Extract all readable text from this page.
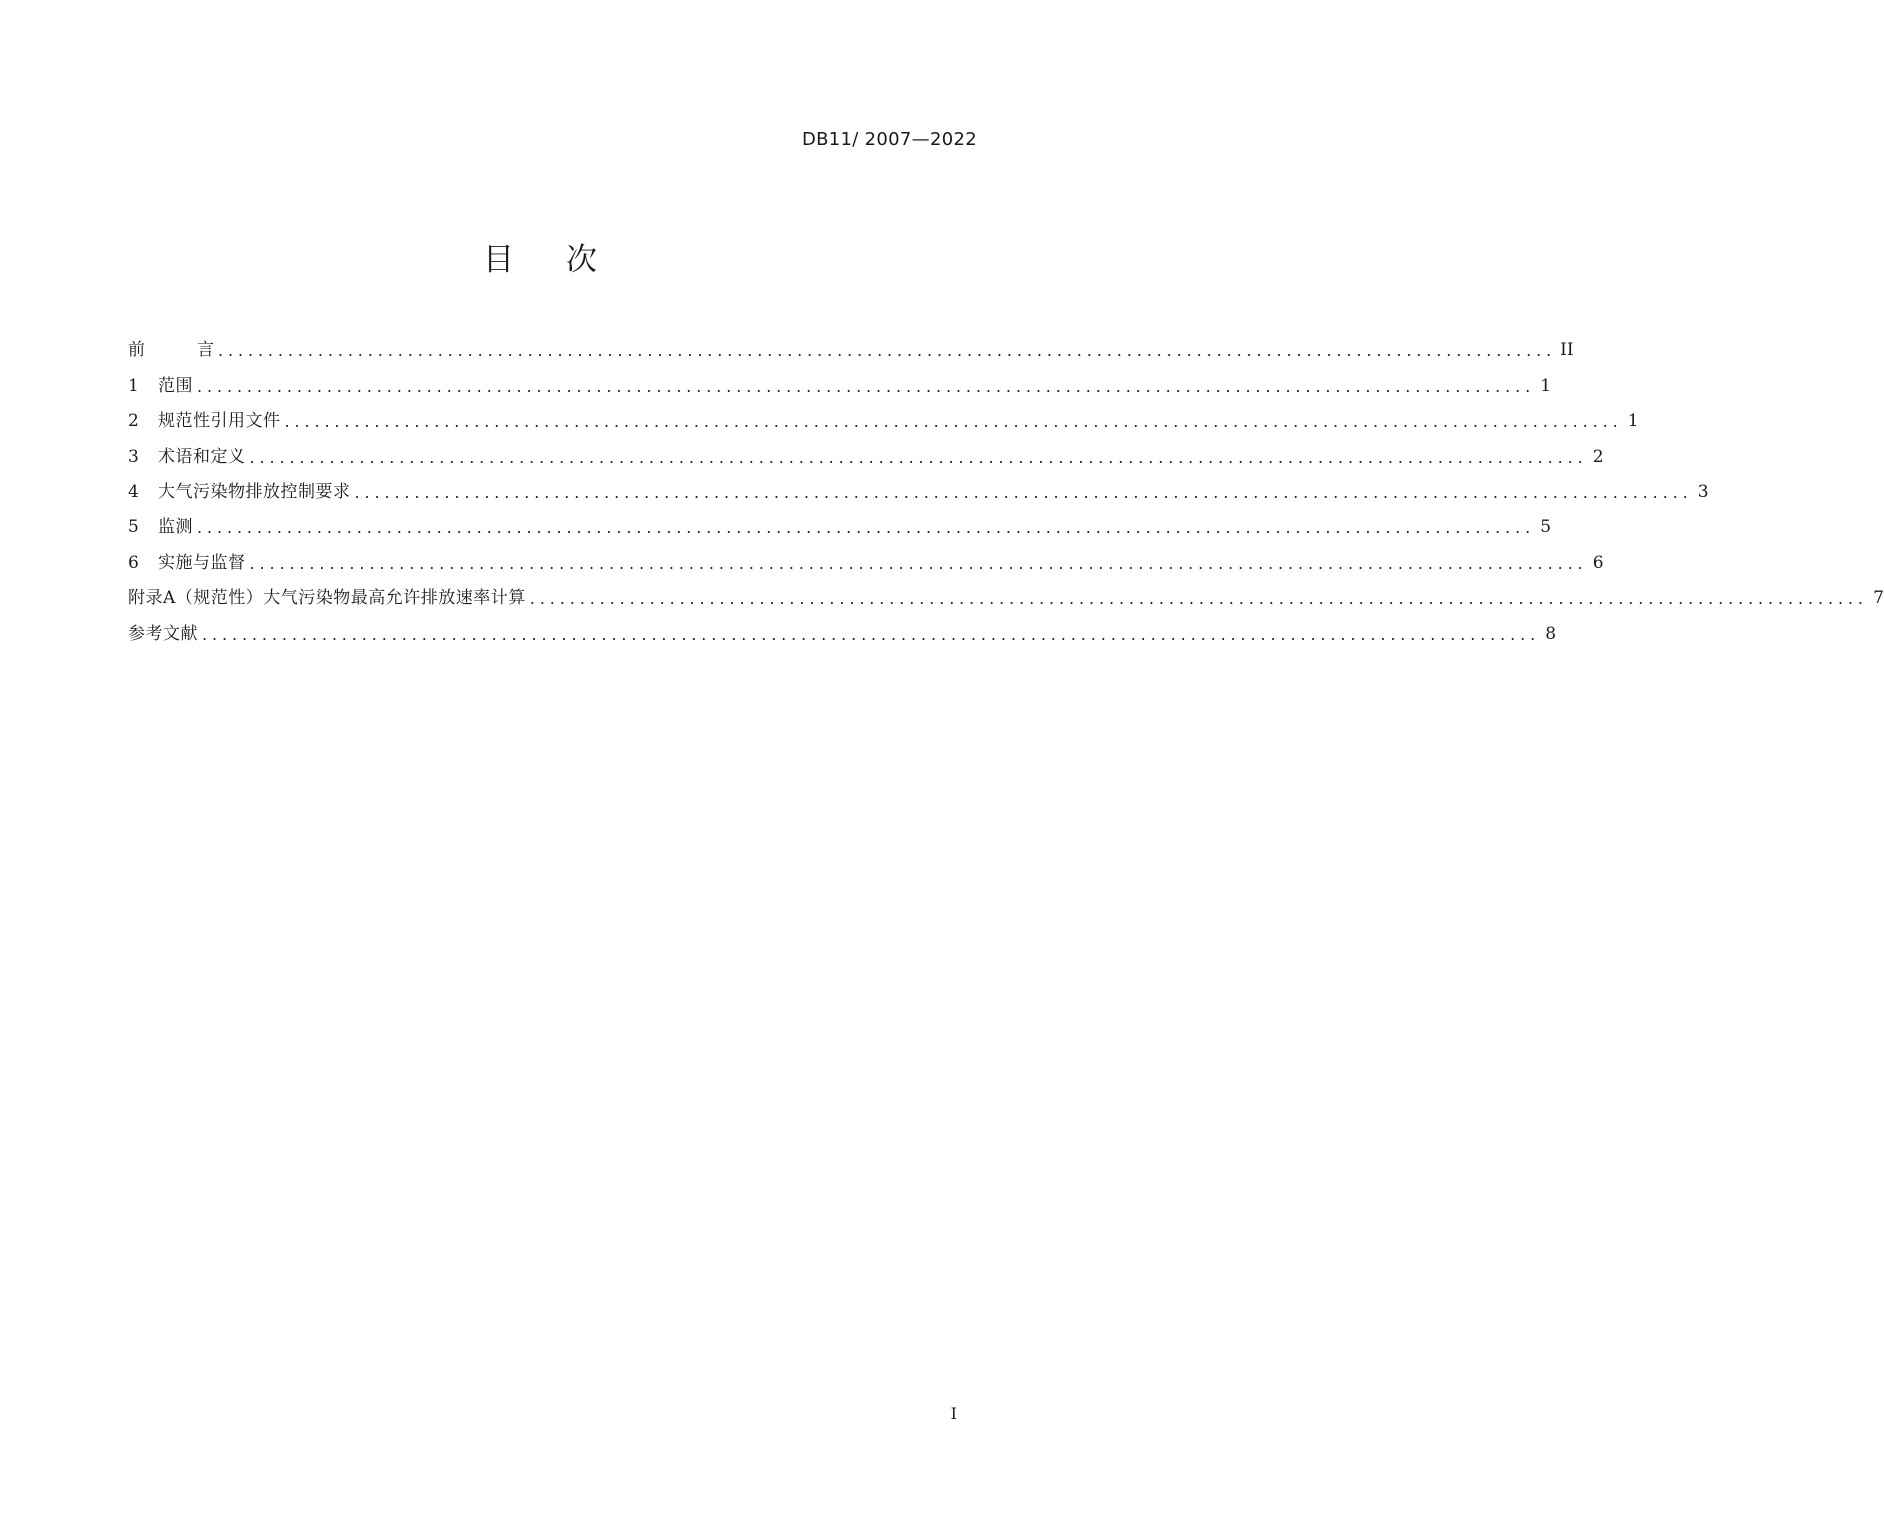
DB11/ 2007—2022
目 次
前	言 ...................................................................................................................................... II
1	范围 ...................................................................................................................................... 1
2	规范性引用文件 ...................................................................................................................................... 1
3	术语和定义 ...................................................................................................................................... 2
4	大气污染物排放控制要求 ...................................................................................................................................... 3
5	监测 ...................................................................................................................................... 5
6	实施与监督 ...................................................................................................................................... 6
附录A（规范性）大气污染物最高允许排放速率计算 ...................................................................................................................................... 7
参考文献 ...................................................................................................................................... 8
I
